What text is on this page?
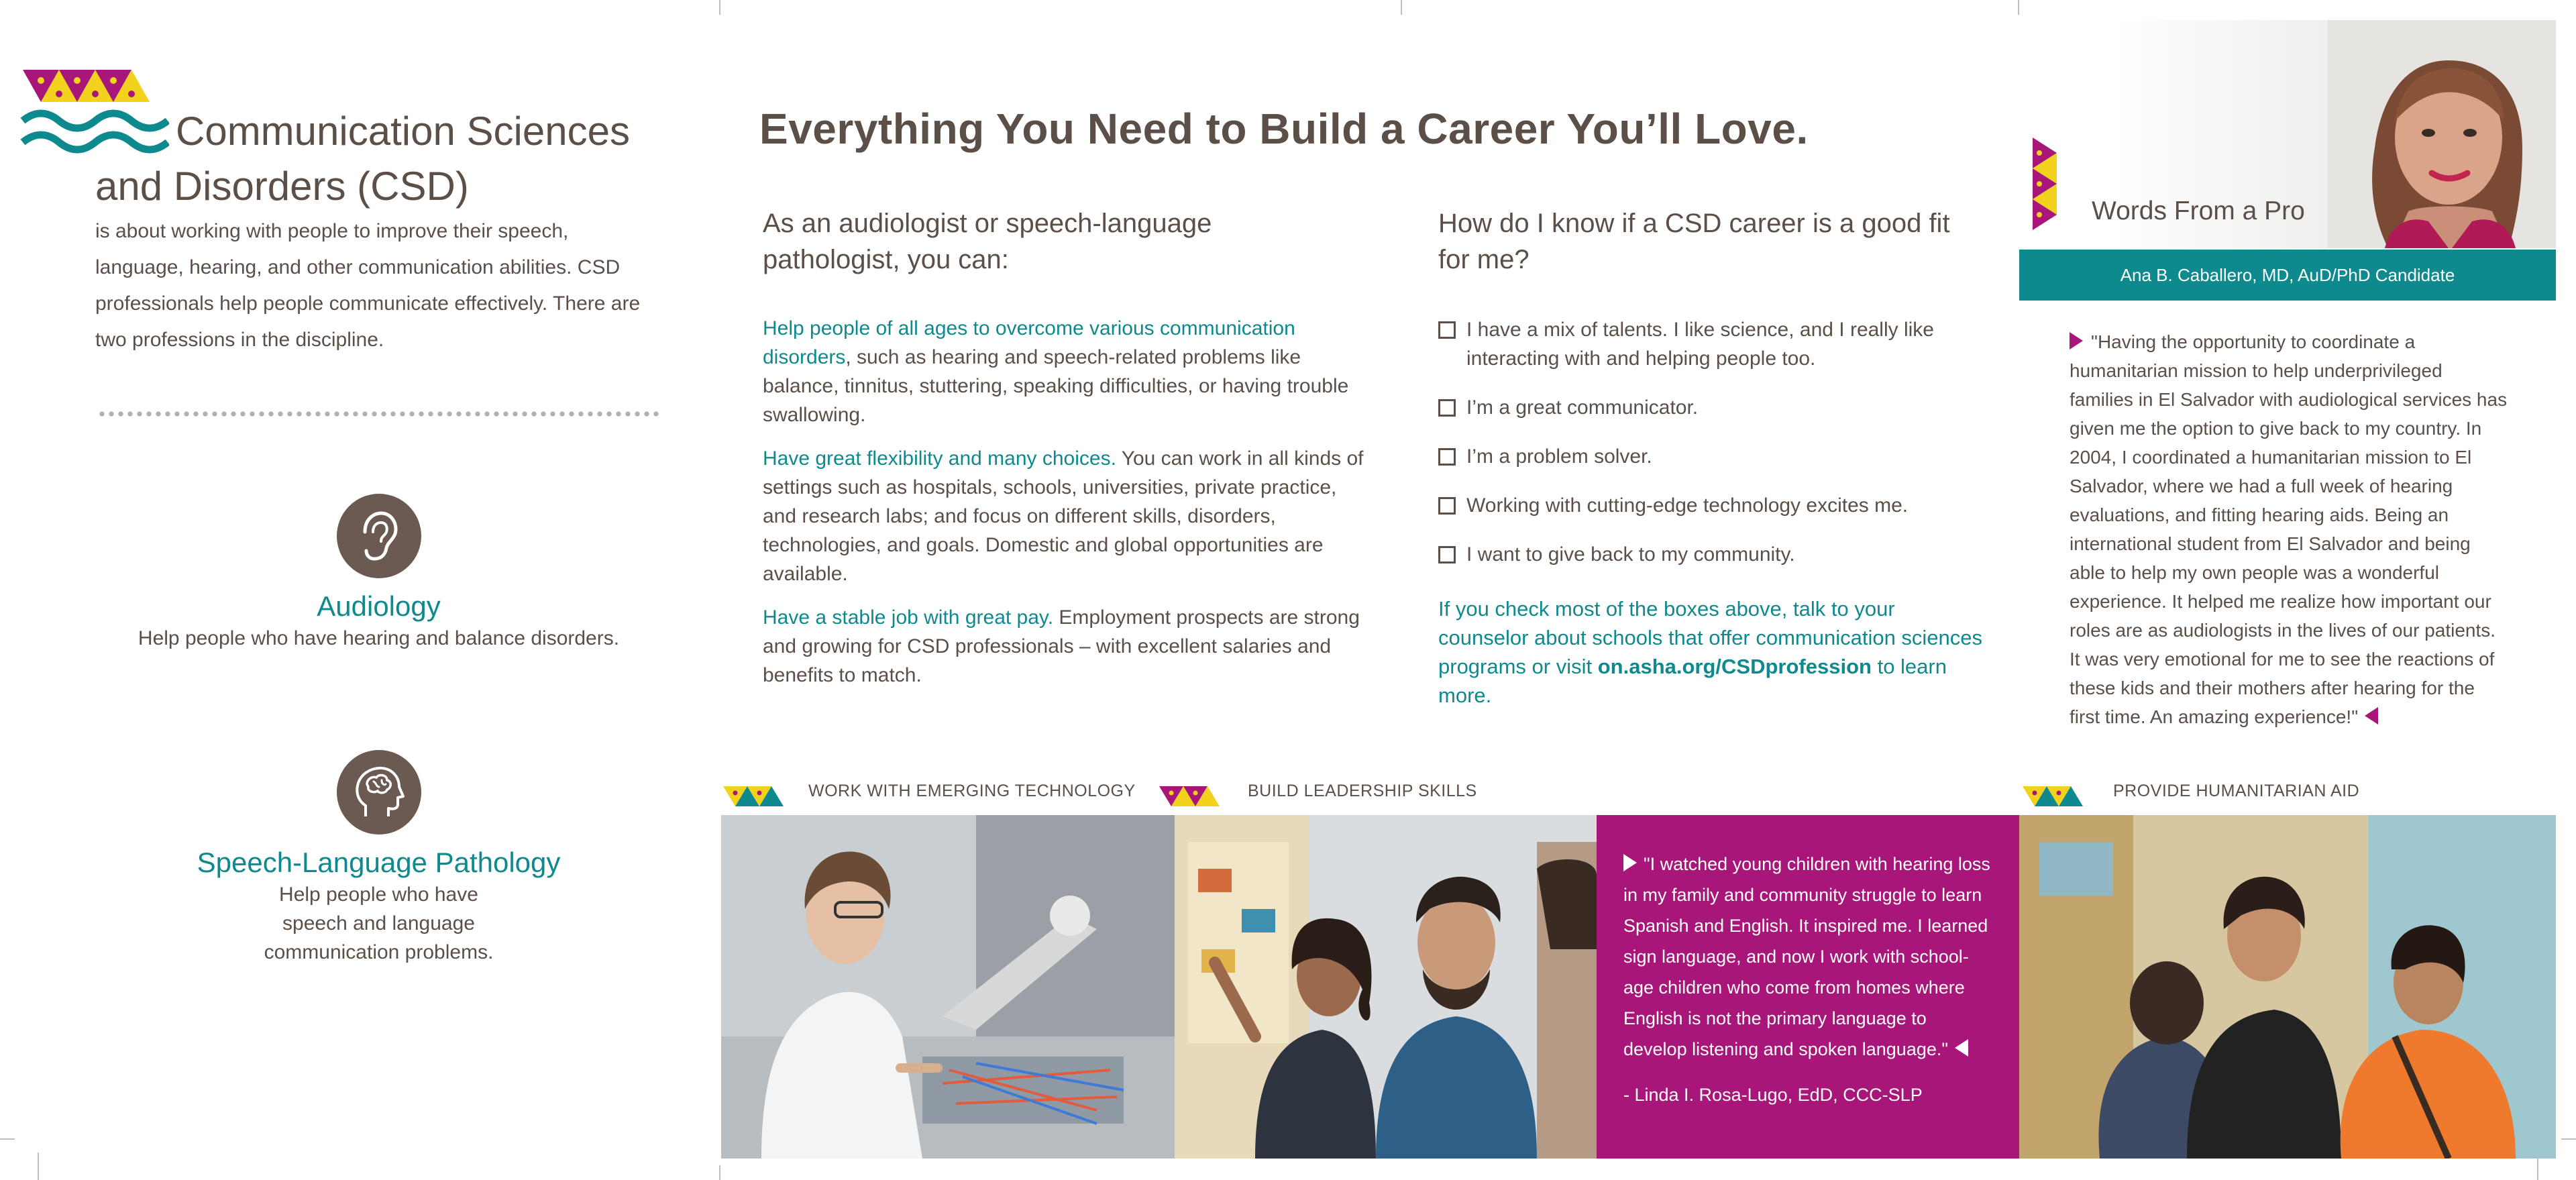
Communication Sciences and Disorders (CSD)

is about working with people to improve their speech, language, hearing, and other communication abilities. CSD professionals help people communicate effectively. There are two professions in the discipline.

Audiology
Help people who have hearing and balance disorders.
Speech-Language Pathology
Help people who have speech and language communication problems.
Everything You Need to Build a Career You’ll Love.
As an audiologist or speech-language pathologist, you can:

Help people of all ages to overcome various communication disorders, such as hearing and speech-related problems like balance, tinnitus, stuttering, speaking difficulties, or having trouble swallowing.

Have great flexibility and many choices. You can work in all kinds of settings such as hospitals, schools, universities, private practice, and research labs; and focus on different skills, disorders, technologies, and goals. Domestic and global opportunities are available.

Have a stable job with great pay. Employment prospects are strong and growing for CSD professionals – with excellent salaries and benefits to match.

How do I know if a CSD career is a good fit for me?
I have a mix of talents. I like science, and I really like interacting with and helping people too.
I’m a great communicator.
I’m a problem solver.
Working with cutting-edge technology excites me.
I want to give back to my community.

If you check most of the boxes above, talk to your counselor about schools that offer communication sciences programs or visit on.asha.org/CSDprofession to learn more.

Words From a Pro
Ana B. Caballero, MD, AuD/PhD Candidate

"Having the opportunity to coordinate a humanitarian mission to help underprivileged families in El Salvador with audiological services has given me the option to give back to my country. In 2004, I coordinated a humanitarian mission to El Salvador, where we had a full week of hearing evaluations, and fitting hearing aids. Being an international student from El Salvador and being able to help my own people was a wonderful experience. It helped me realize how important our roles are as audiologists in the lives of our patients. It was very emotional for me to see the reactions of these kids and their mothers after hearing for the first time. An amazing experience!"

WORK WITH EMERGING TECHNOLOGY	BUILD LEADERSHIP SKILLS	PROVIDE HUMANITARIAN AID

"I watched young children with hearing loss in my family and community struggle to learn Spanish and English. It inspired me. I learned sign language, and now I work with school-age children who come from homes where English is not the primary language to develop listening and spoken language."

- Linda I. Rosa-Lugo, EdD, CCC-SLP
